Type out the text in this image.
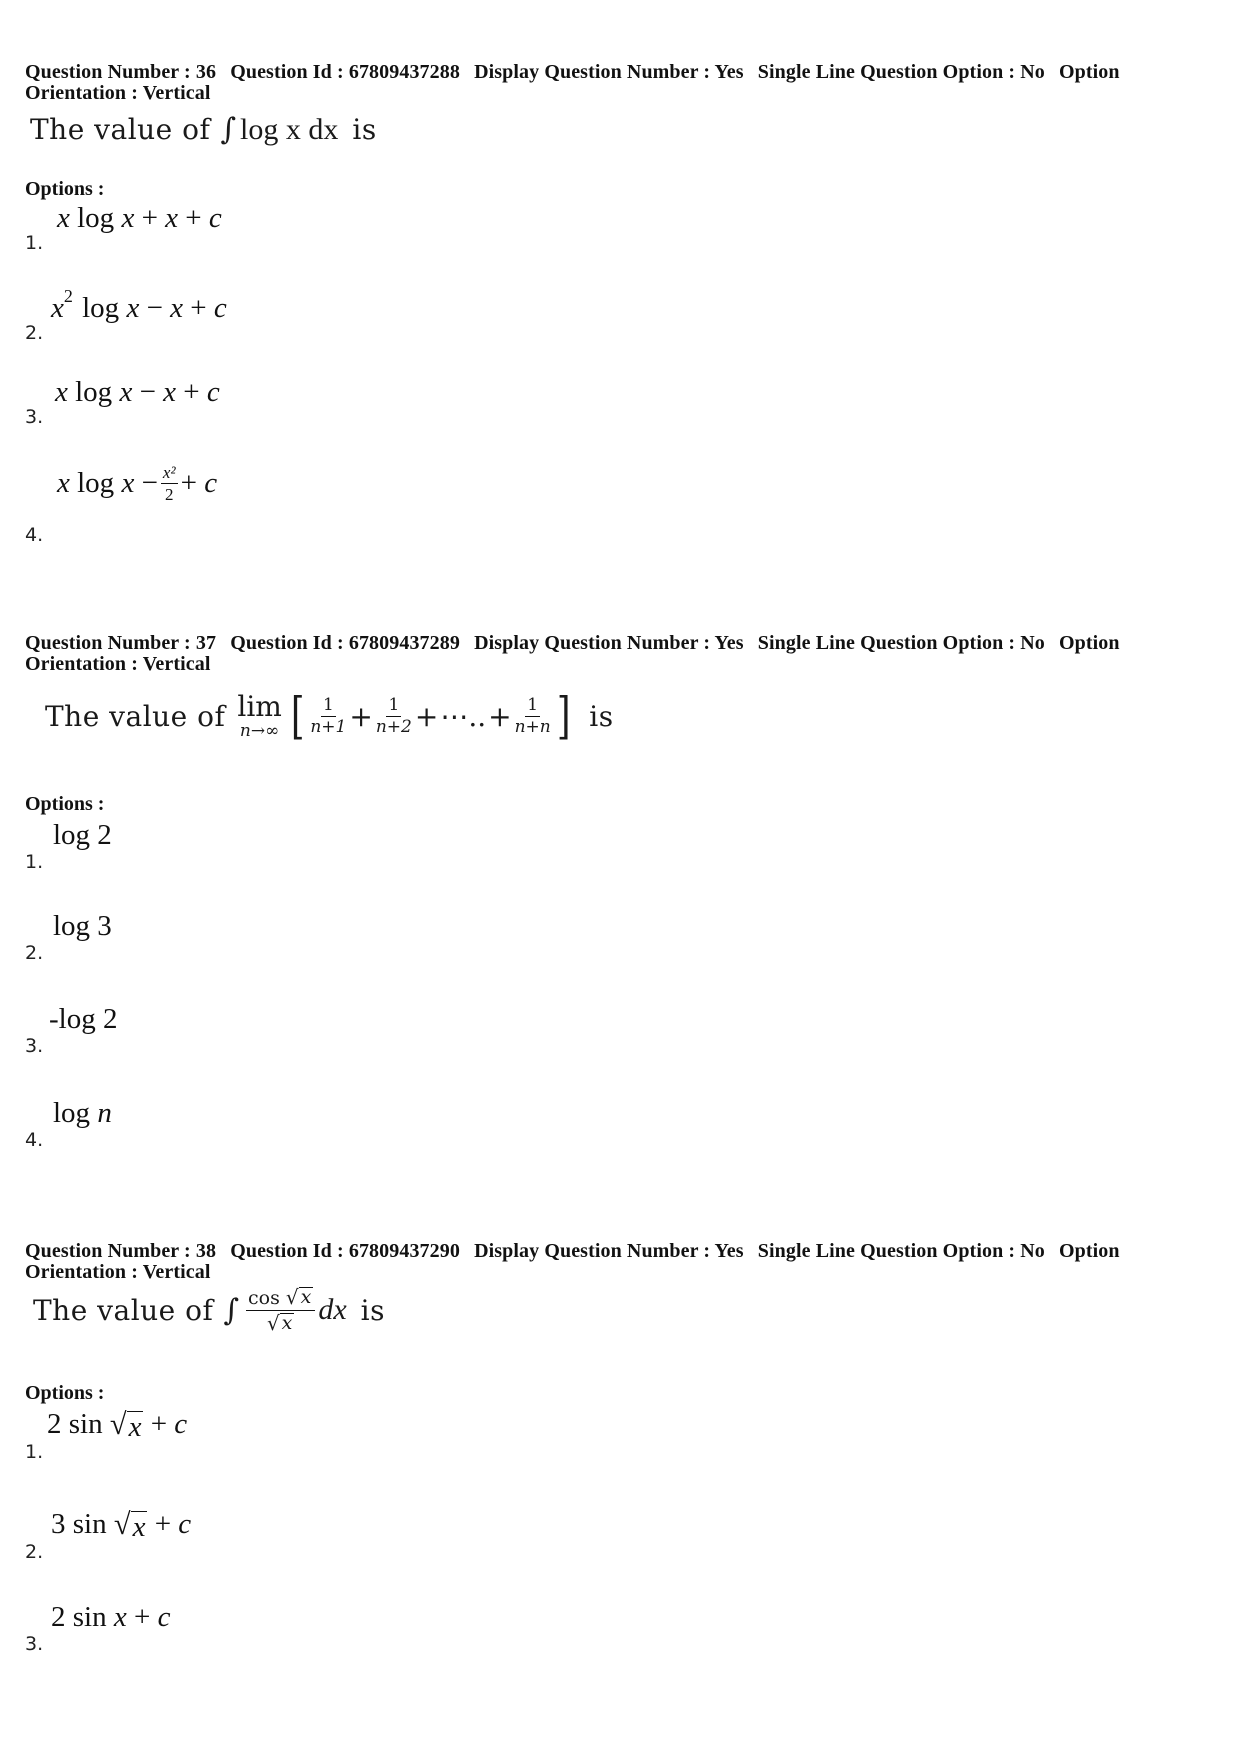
Question Number : 36 Question Id : 67809437288 Display Question Number : Yes Single Line Question Option : No Option
Orientation : Vertical
The value of ∫ log x dx is
Options :
1.
x
log
x
+
x
+
c
2.
x 2
log
x
−
x
+
c
3.
x
log
x
−
x
+
c
4.
x
log
x
− $\frac{\text{x²}}{2}$ +
c
Question Number : 37 Question Id : 67809437289 Display Question Number : Yes Single Line Question Option : No Option
Orientation : Vertical
The value of lim
n→∞ [ $\frac{1}{n+1} + \frac{1}{n+2}$ + ⋯.. + $\frac{1}{n+n}$ ] is
Options :
1.
log 2
2.
log 3
3.
-log 2
4.
log
n
Question Number : 38 Question Id : 67809437290 Display Question Number : Yes Single Line Question Option : No Option
Orientation : Vertical
The value of ∫ $\frac{\cos √ x}{√ x}$ dx is
Options :
1.
2 sin
√ x
+
c
2.
3 sin
√ x
+
c
3.
2 sin
x
+
c
